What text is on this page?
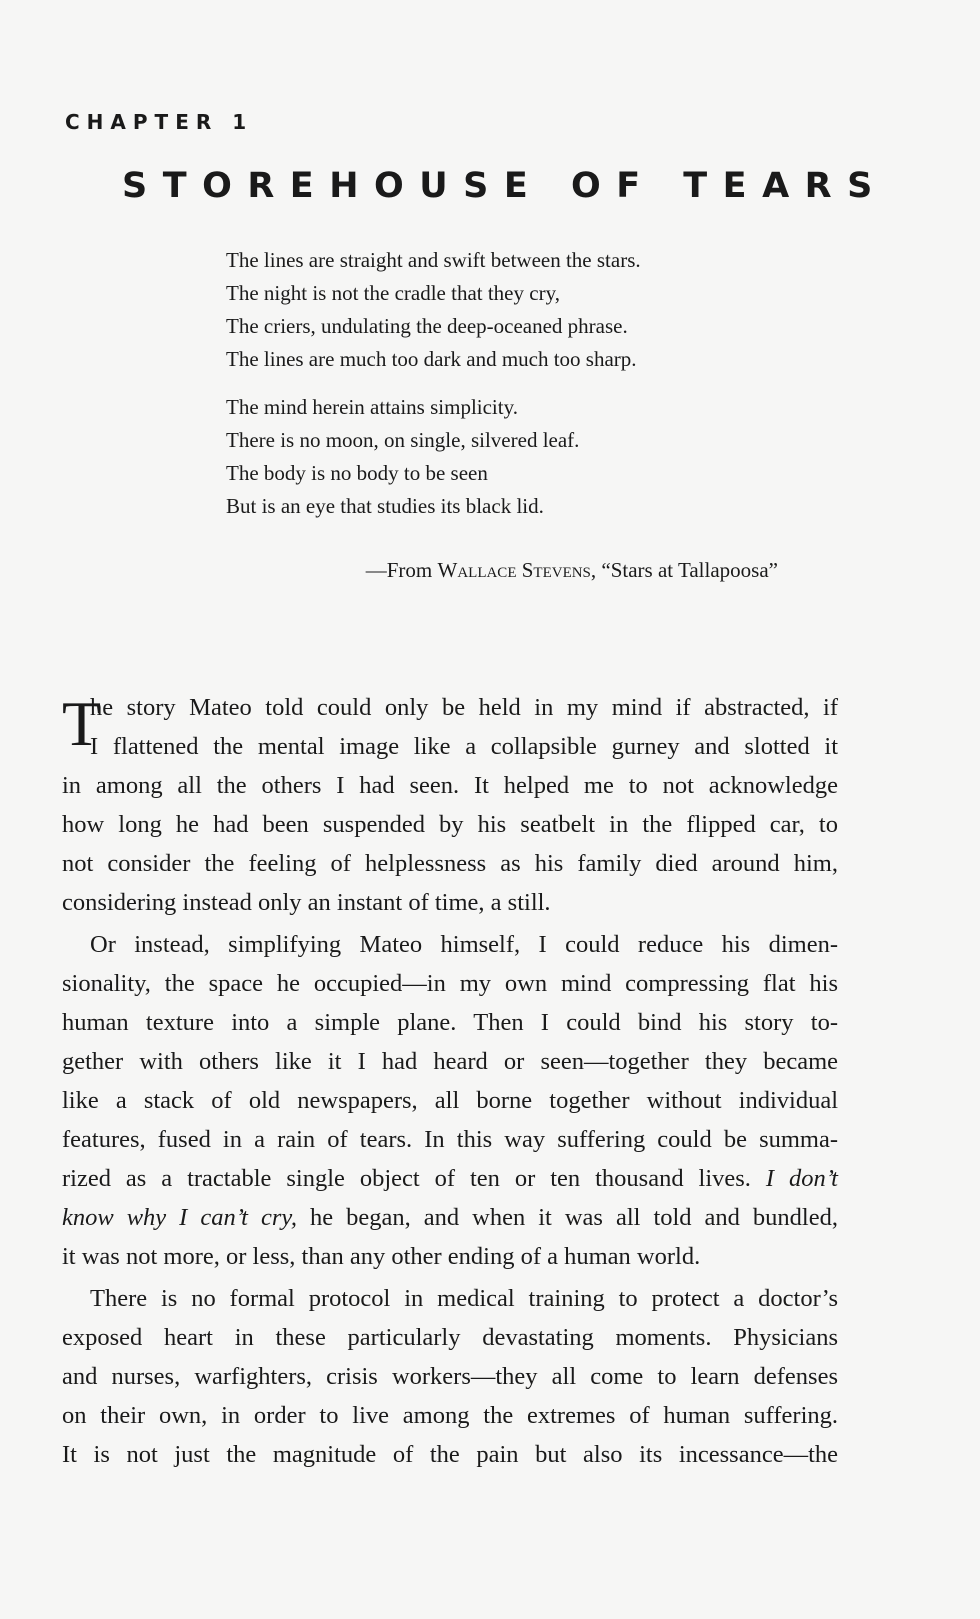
CHAPTER 1
STOREHOUSE OF TEARS
The lines are straight and swift between the stars.
The night is not the cradle that they cry,
The criers, undulating the deep-oceaned phrase.
The lines are much too dark and much too sharp.
The mind herein attains simplicity.
There is no moon, on single, silvered leaf.
The body is no body to be seen
But is an eye that studies its black lid.
—From Wallace Stevens, “Stars at Tallapoosa”
T
he story Mateo told could only be held in my mind if abstracted, if
I flattened the mental image like a collapsible gurney and slotted it
in among all the others I had seen. It helped me to not acknowledge
how long he had been suspended by his seatbelt in the flipped car, to
not consider the feeling of helplessness as his family died around him,
considering instead only an instant of time, a still.
Or instead, simplifying Mateo himself, I could reduce his dimen-
sionality, the space he occupied—in my own mind compressing flat his
human texture into a simple plane. Then I could bind his story to-
gether with others like it I had heard or seen—together they became
like a stack of old newspapers, all borne together without individual
features, fused in a rain of tears. In this way suffering could be summa-
rized as a tractable single object of ten or ten thousand lives. I don’t
know why I can’t cry, he began, and when it was all told and bundled,
it was not more, or less, than any other ending of a human world.
There is no formal protocol in medical training to protect a doctor’s
exposed heart in these particularly devastating moments. Physicians
and nurses, warfighters, crisis workers—they all come to learn defenses
on their own, in order to live among the extremes of human suffering.
It is not just the magnitude of the pain but also its incessance—the
